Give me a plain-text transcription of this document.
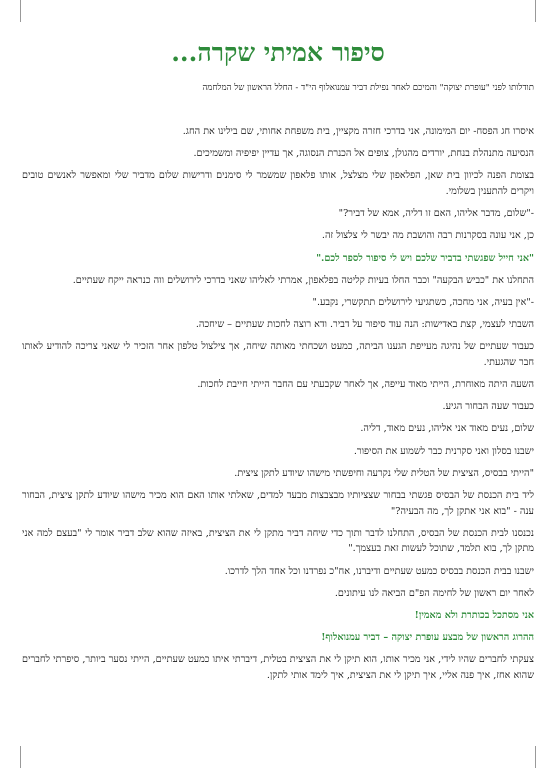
סיפור אמיתי שקרה...
תודלותו לפני "עופרת יצוקה" והמיכם לאחר נפילת דביר עמנואלוף הי"ד - החלל הראשון של המלחמה

איסרו חג הפסח- יום המימונה, אני בדרכי חזרה מקציין, בית משפחת אחותי, שם בילינו את החג.

הנסיעה מתנהלת בנחת, יורדים מהגולן, צופים אל הכנרת הנסוגה, אך עדיין יפיפיה ומשמיכים.

בצומת הפנה לכיוון בית שאן, הפלאפון שלי מצלצל, אותו פלאפון שמשמר לי סימנים ודרישות שלום מדביר שלי ומאפשר לאנשים טובים ויקרים להתענין בשלומי.

-"שלום, מדבר אליהו, האם זו דליה, אמא של דביר?"

כן, אני עונה בסקרנות רבה והושבת מה יבשר לי צלצול זה.

"אני חייל שפגשתי בדביר שלכם ויש לי סיפור לספר לכם."

התחלנו את "כביש הבקעה" וכבר החלו בעיות קליטה בפלאפון, אמרתי לאליהו שאני בדרכי לירושלים ווה כנראה ייקח שעתיים.

-"אין בעיה, אני מחכה, כשתגיעי לירושלים תתקשרי, נקבע."

השבתי לעצמי, קצת באדישות: הנה עוד סיפור על דביר. ודא רוצה לחכות שעתיים – שיחכה.

כעבור שעתיים של נהיגה מעייפת הגענו הביתה, כמעט ושכחתי מאותה שיחה, אך צילצול טלפון אחר הזכיר לי שאני צריכה להודיע לאותו חבר שהגעתי.

השעה היתה מאוחרת, הייתי מאוד עייפה, אך לאחר שקבעתי עם החבר הייתי חייבת לחכות.

כעבור שעה הבחור הגיע.

שלום, נעים מאוד אני אליהו, נעים מאוד, דליה.

ישבנו בסלון ואני סקרנית כבר לשמוע את הסיפור.

"הייתי בבסיס, הציצית של הטלית שלי נקרעה וחיפשתי מישהו שיודע לתקן ציצית.

ליד בית הכנסת של הבסיס פגשתי בבחור שצציותיו מבצבצות מבעד למדים, שאלתי אותו האם הוא מכיר מישהו שיודע לתקן ציצית, הבחור ענה - "בוא אני אתקן לך, מה הבעיה?"

נכנסנו לבית הכנסת של הבסיס, התחלנו לדבר ותוך כדי שיחה דביר מתקן לי את הציצית, באיזה שהוא שלב דביר אומר לי "בעצם למה אני מתקן לך, בוא תלמד, שתוכל לעשות זאת בעצמך."

ישבנו בבית הכנסת בבסיס כמעט שעתיים ודיברנו, אח"כ נפרדנו וכל אחד הלך לדרכו.

לאחר יום ראשון של לחימה הפ"ם הביאה לנו עיתונים.

אני מסתכל בכותרת ולא מאמין!

ההרוג הראשון של מבצע עופרת יצוקה – דביר עמנואלוף!

צעקתי לחברים שהיו לידי, אני מכיר אותו, הוא תיקן לי את הציצית בטלית, דיברתי איתו כמעט שעתיים, הייתי נסער ביותר, סיפרתי לחברים שהוא אחז, איך פנה אליי, איך תיקן לי את הציצית, איך לימד אותי לתקן.
